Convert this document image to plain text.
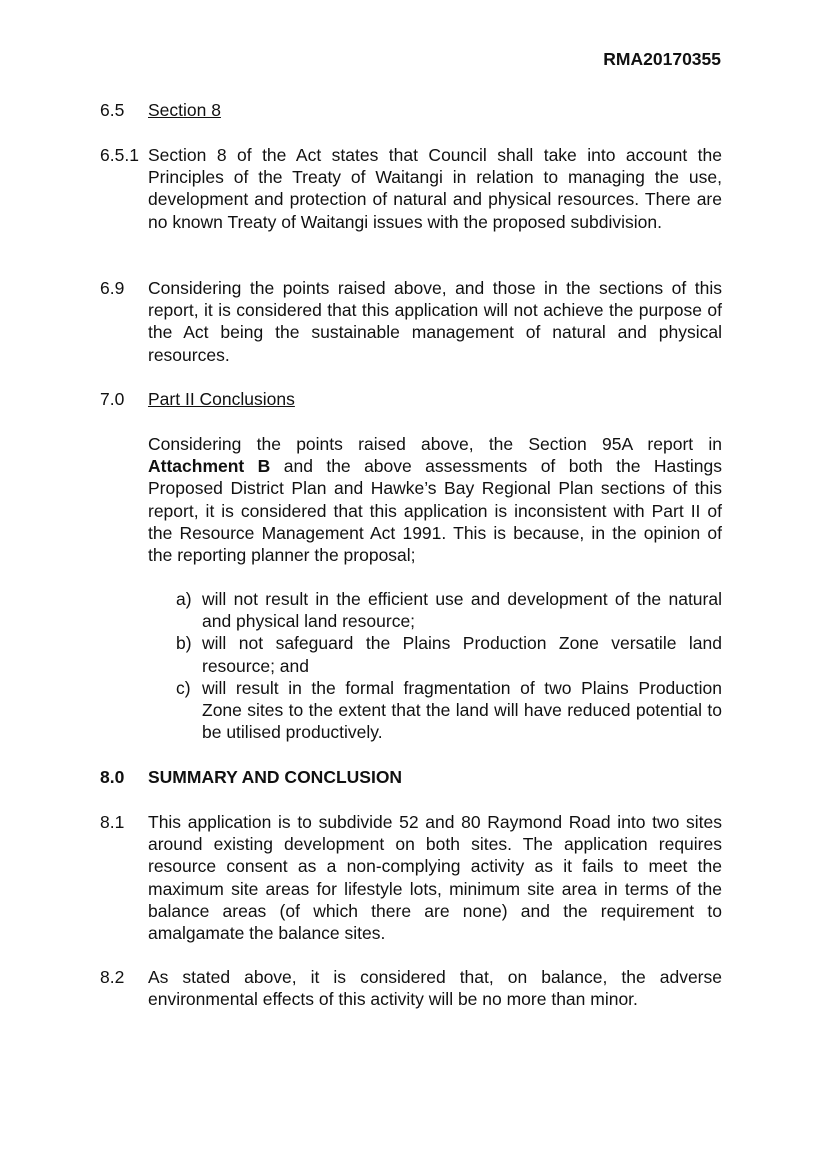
RMA20170355
6.5 Section 8
6.5.1 Section 8 of the Act states that Council shall take into account the Principles of the Treaty of Waitangi in relation to managing the use, development and protection of natural and physical resources. There are no known Treaty of Waitangi issues with the proposed subdivision.
6.9 Considering the points raised above, and those in the sections of this report, it is considered that this application will not achieve the purpose of the Act being the sustainable management of natural and physical resources.
7.0 Part II Conclusions
Considering the points raised above, the Section 95A report in Attachment B and the above assessments of both the Hastings Proposed District Plan and Hawke’s Bay Regional Plan sections of this report, it is considered that this application is inconsistent with Part II of the Resource Management Act 1991. This is because, in the opinion of the reporting planner the proposal;
a) will not result in the efficient use and development of the natural and physical land resource;
b) will not safeguard the Plains Production Zone versatile land resource; and
c) will result in the formal fragmentation of two Plains Production Zone sites to the extent that the land will have reduced potential to be utilised productively.
8.0 SUMMARY AND CONCLUSION
8.1 This application is to subdivide 52 and 80 Raymond Road into two sites around existing development on both sites. The application requires resource consent as a non-complying activity as it fails to meet the maximum site areas for lifestyle lots, minimum site area in terms of the balance areas (of which there are none) and the requirement to amalgamate the balance sites.
8.2 As stated above, it is considered that, on balance, the adverse environmental effects of this activity will be no more than minor.
